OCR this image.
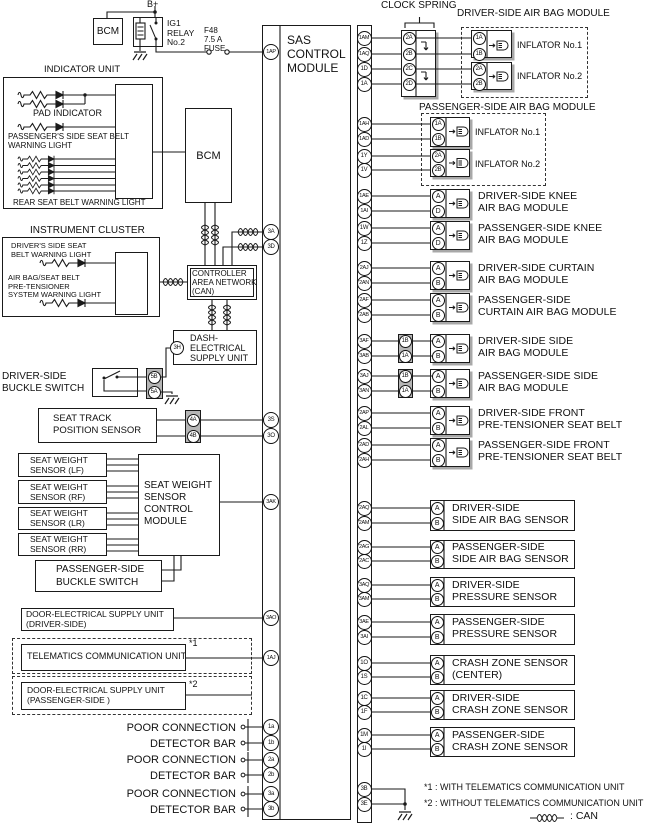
BCM
BCM
B+
IG1
RELAY
No.2
F48
7.5 A
FUSE
INDICATOR UNIT
PAD INDICATOR
PASSENGER'S SIDE SEAT BELT
WARNING LIGHT
REAR SEAT BELT WARNING LIGHT
INSTRUMENT CLUSTER
DRIVER'S SIDE SEAT
BELT WARNING LIGHT
AIR BAG/SEAT BELT
PRE-TENSIONER
SYSTEM WARNING LIGHT
CONTROLLER
AREA NETWORK
(CAN)
DASH-
ELECTRICAL
SUPPLY UNIT
DRIVER-SIDE
BUCKLE SWITCH
SEAT TRACK
POSITION SENSOR
SEAT WEIGHT
SENSOR (LF)
SEAT WEIGHT
SENSOR (RF)
SEAT WEIGHT
SENSOR (LR)
SEAT WEIGHT
SENSOR (RR)
SEAT WEIGHT
SENSOR
CONTROL
MODULE
PASSENGER-SIDE
BUCKLE SWITCH
DOOR-ELECTRICAL SUPPLY UNIT
(DRIVER-SIDE)
TELEMATICS COMMUNICATION UNIT
*1
DOOR-ELECTRICAL SUPPLY UNIT
(PASSENGER-SIDE )
*2
POOR CONNECTION
DETECTOR BAR
POOR CONNECTION
DETECTOR BAR
POOR CONNECTION
DETECTOR BAR
SAS
CONTROL
MODULE
CLOCK SPRING
DRIVER-SIDE AIR BAG MODULE
PASSENGER-SIDE AIR BAG MODULE
*1 : WITH TELEMATICS COMMUNICATION UNIT
*2 : WITHOUT TELEMATICS COMMUNICATION UNIT
: CAN
1AP
3A
3D
3S
3O
3AK
3AO
1AJ
1a
1b
2a
2b
3a
3b
1AM
1AQ
1D
1A
1AH
1AD
1Y
1V
1AE
1AI
1W
1Z
2AJ
2AN
2AF
2AB
3AF
3AB
3AJ
3AN
2AP
2AL
2AD
2AH
2AQ
2AM
2AG
2AC
3AQ
3AM
3AE
3AI
1O
1S
1C
1F
1M
1I
3B
3E
3H
5B
5A
4A
4B
2A
2B
2C
2D
1A
1B
2A
2B
1A
1B
2A
2B
A
D
A
D
A
B
A
B
1B
1A
A
B
1B
1A
A
B
A
B
A
B
A
B
A
B
A
B
A
B
A
B
A
B
A
B
DRIVER-SIDE KNEE
AIR BAG MODULE
PASSENGER-SIDE KNEE
AIR BAG MODULE
DRIVER-SIDE CURTAIN
AIR BAG MODULE
PASSENGER-SIDE
CURTAIN AIR BAG MODULE
DRIVER-SIDE SIDE
AIR BAG MODULE
PASSENGER-SIDE SIDE
AIR BAG MODULE
DRIVER-SIDE FRONT
PRE-TENSIONER SEAT BELT
PASSENGER-SIDE FRONT
PRE-TENSIONER SEAT BELT
DRIVER-SIDE
SIDE AIR BAG SENSOR
PASSENGER-SIDE
SIDE AIR BAG SENSOR
DRIVER-SIDE
PRESSURE SENSOR
PASSENGER-SIDE
PRESSURE SENSOR
CRASH ZONE SENSOR
(CENTER)
DRIVER-SIDE
CRASH ZONE SENSOR
PASSENGER-SIDE
CRASH ZONE SENSOR
INFLATOR No.1
INFLATOR No.2
INFLATOR No.1
INFLATOR No.2
